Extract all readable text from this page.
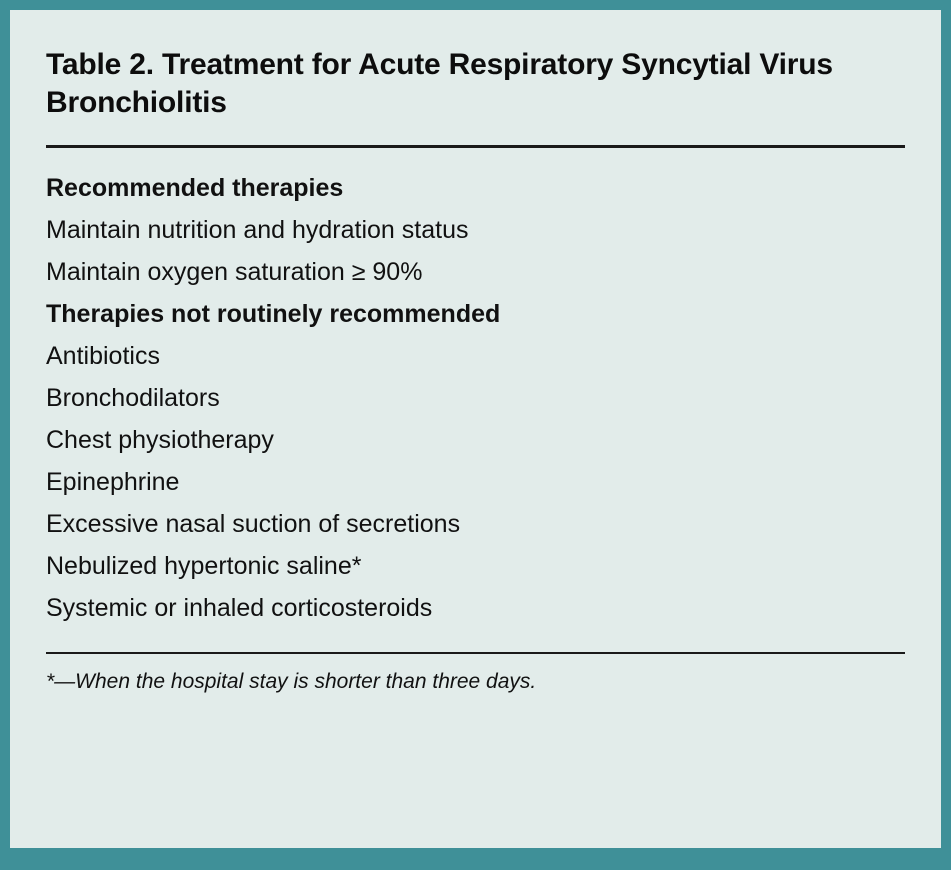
Table 2. Treatment for Acute Respiratory Syncytial Virus Bronchiolitis
Recommended therapies
Maintain nutrition and hydration status
Maintain oxygen saturation ≥ 90%
Therapies not routinely recommended
Antibiotics
Bronchodilators
Chest physiotherapy
Epinephrine
Excessive nasal suction of secretions
Nebulized hypertonic saline*
Systemic or inhaled corticosteroids
*—When the hospital stay is shorter than three days.
